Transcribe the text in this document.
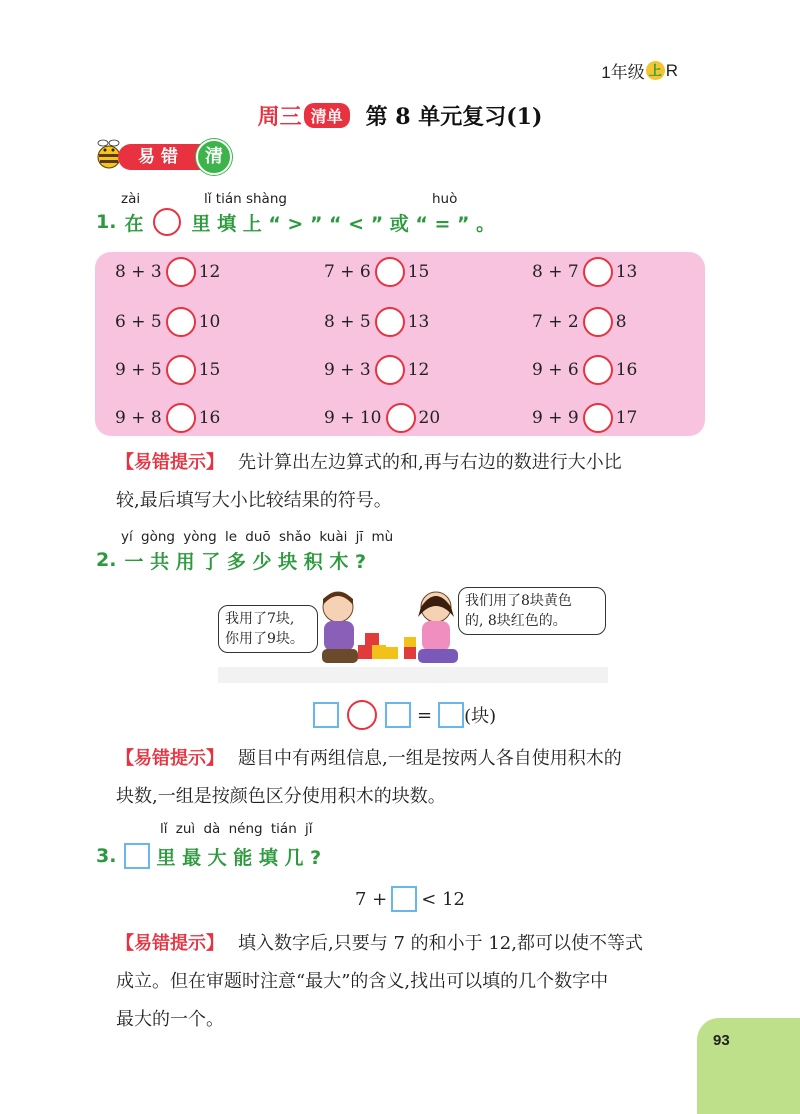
1年级 上 R
周三 清单 第 8 单元复习(1)
易错	清
zài	lǐ tián shàng	huò
1. 在	里 填 上 “ > ” “ < ” 或 “ = ” 。
8 + 3 12	7 + 6 15	8 + 7 13
6 + 5 10	8 + 5 13	7 + 2 8
9 + 5 15	9 + 3 12	9 + 6 16
9 + 8 16	9 + 10 20	9 + 9 17
【易错提示】 先计算出左边算式的和,再与右边的数进行大小比
较,最后填写大小比较结果的符号。
yí gòng yòng le duō shǎo kuài jī mù
2. 一 共 用 了 多 少 块 积 木 ?
我用了7块,
你用了9块。
我们用了8块黄色
的, 8块红色的。
= (块)
【易错提示】 题目中有两组信息,一组是按两人各自使用积木的
块数,一组是按颜色区分使用积木的块数。
lǐ zuì dà néng tián jǐ
3. 里 最 大 能 填 几 ?
7 + < 12
【易错提示】 填入数字后,只要与 7 的和小于 12,都可以使不等式
成立。但在审题时注意“最大”的含义,找出可以填的几个数字中
最大的一个。
93
